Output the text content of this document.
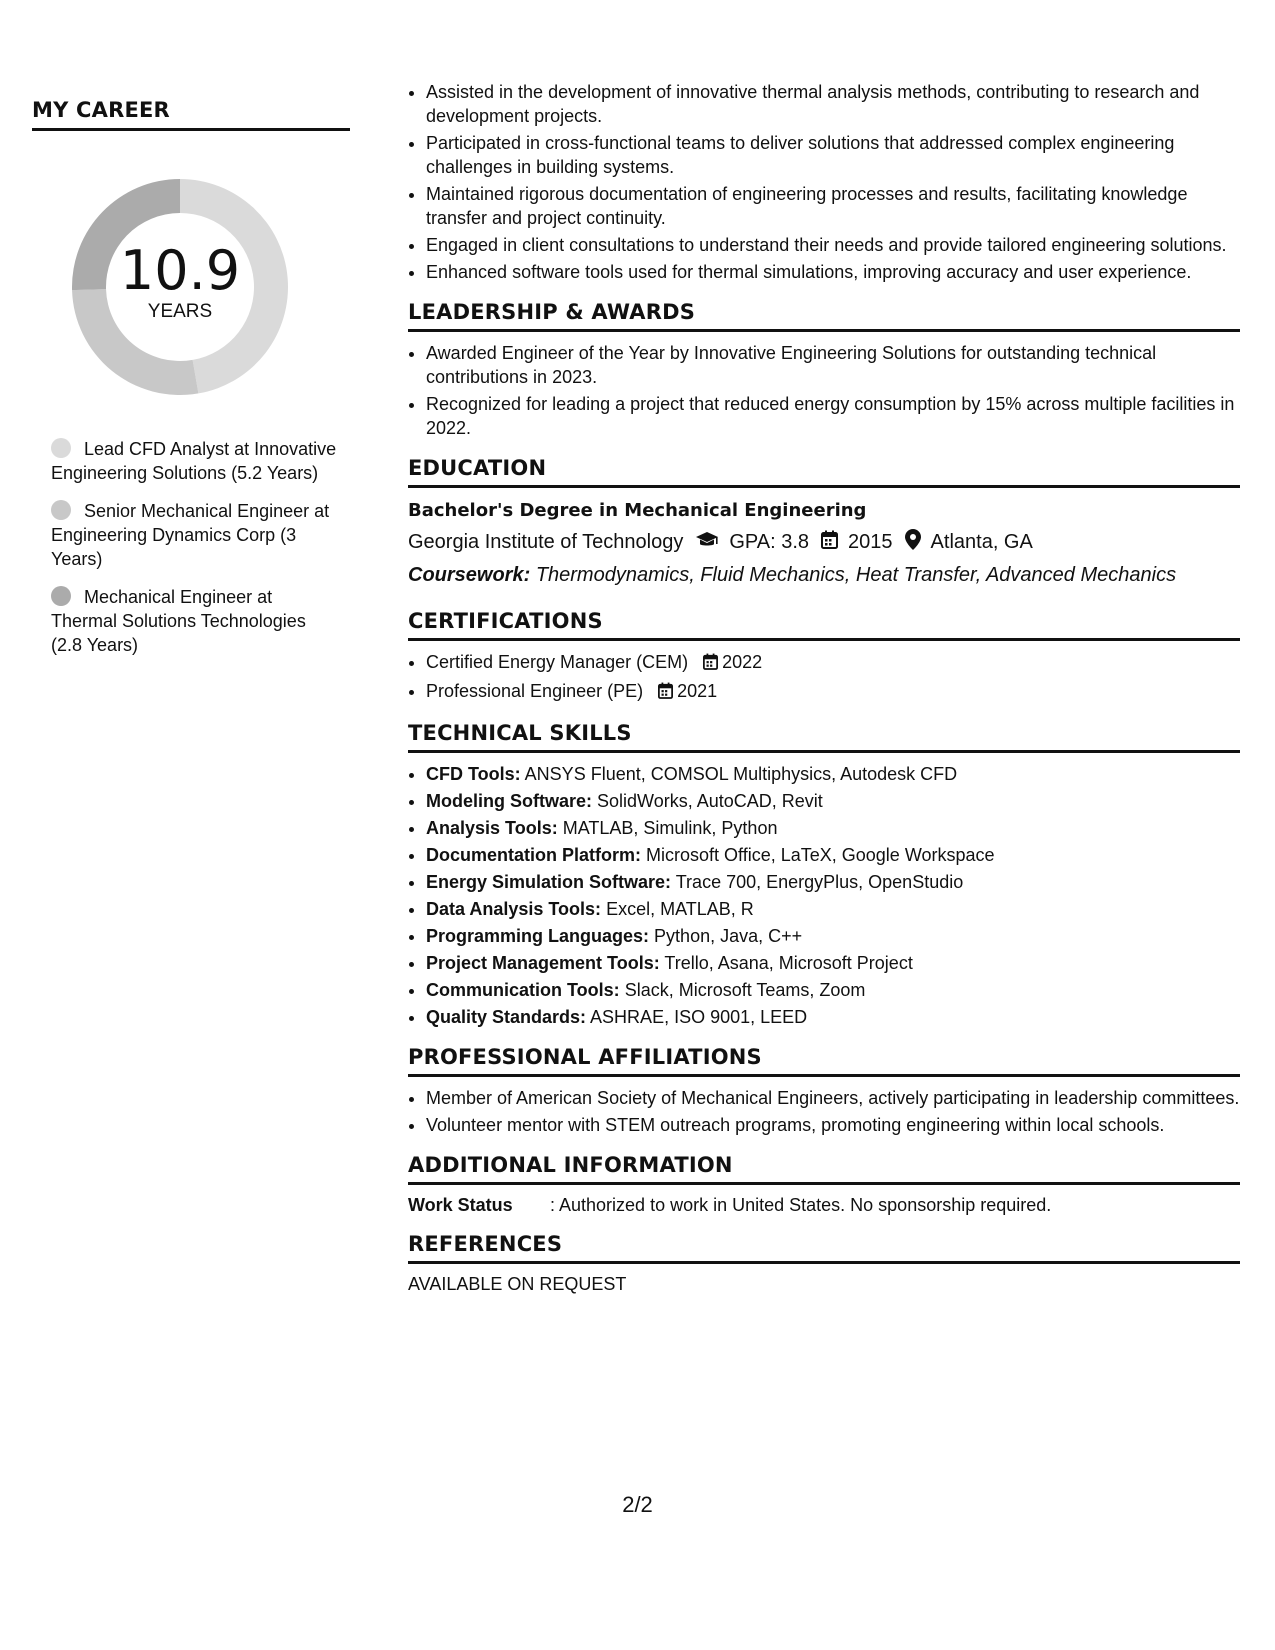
MY CAREER
10.9
YEARS
Lead CFD Analyst at Innovative Engineering Solutions (5.2 Years)
Senior Mechanical Engineer at Engineering Dynamics Corp (3 Years)
Mechanical Engineer at Thermal Solutions Technologies (2.8 Years)
• Assisted in the development of innovative thermal analysis methods, contributing to research and development projects.
• Participated in cross-functional teams to deliver solutions that addressed complex engineering challenges in building systems.
• Maintained rigorous documentation of engineering processes and results, facilitating knowledge transfer and project continuity.
• Engaged in client consultations to understand their needs and provide tailored engineering solutions.
• Enhanced software tools used for thermal simulations, improving accuracy and user experience.
LEADERSHIP & AWARDS
• Awarded Engineer of the Year by Innovative Engineering Solutions for outstanding technical contributions in 2023.
• Recognized for leading a project that reduced energy consumption by 15% across multiple facilities in 2022.
EDUCATION
Bachelor's Degree in Mechanical Engineering
Georgia Institute of Technology GPA: 3.8 2015 Atlanta, GA
Coursework: Thermodynamics, Fluid Mechanics, Heat Transfer, Advanced Mechanics
CERTIFICATIONS
• Certified Energy Manager (CEM) 2022
• Professional Engineer (PE) 2021
TECHNICAL SKILLS
• CFD Tools: ANSYS Fluent, COMSOL Multiphysics, Autodesk CFD
• Modeling Software: SolidWorks, AutoCAD, Revit
• Analysis Tools: MATLAB, Simulink, Python
• Documentation Platform: Microsoft Office, LaTeX, Google Workspace
• Energy Simulation Software: Trace 700, EnergyPlus, OpenStudio
• Data Analysis Tools: Excel, MATLAB, R
• Programming Languages: Python, Java, C++
• Project Management Tools: Trello, Asana, Microsoft Project
• Communication Tools: Slack, Microsoft Teams, Zoom
• Quality Standards: ASHRAE, ISO 9001, LEED
PROFESSIONAL AFFILIATIONS
• Member of American Society of Mechanical Engineers, actively participating in leadership committees.
• Volunteer mentor with STEM outreach programs, promoting engineering within local schools.
ADDITIONAL INFORMATION
Work Status	: Authorized to work in United States. No sponsorship required.
REFERENCES
AVAILABLE ON REQUEST
2/2
